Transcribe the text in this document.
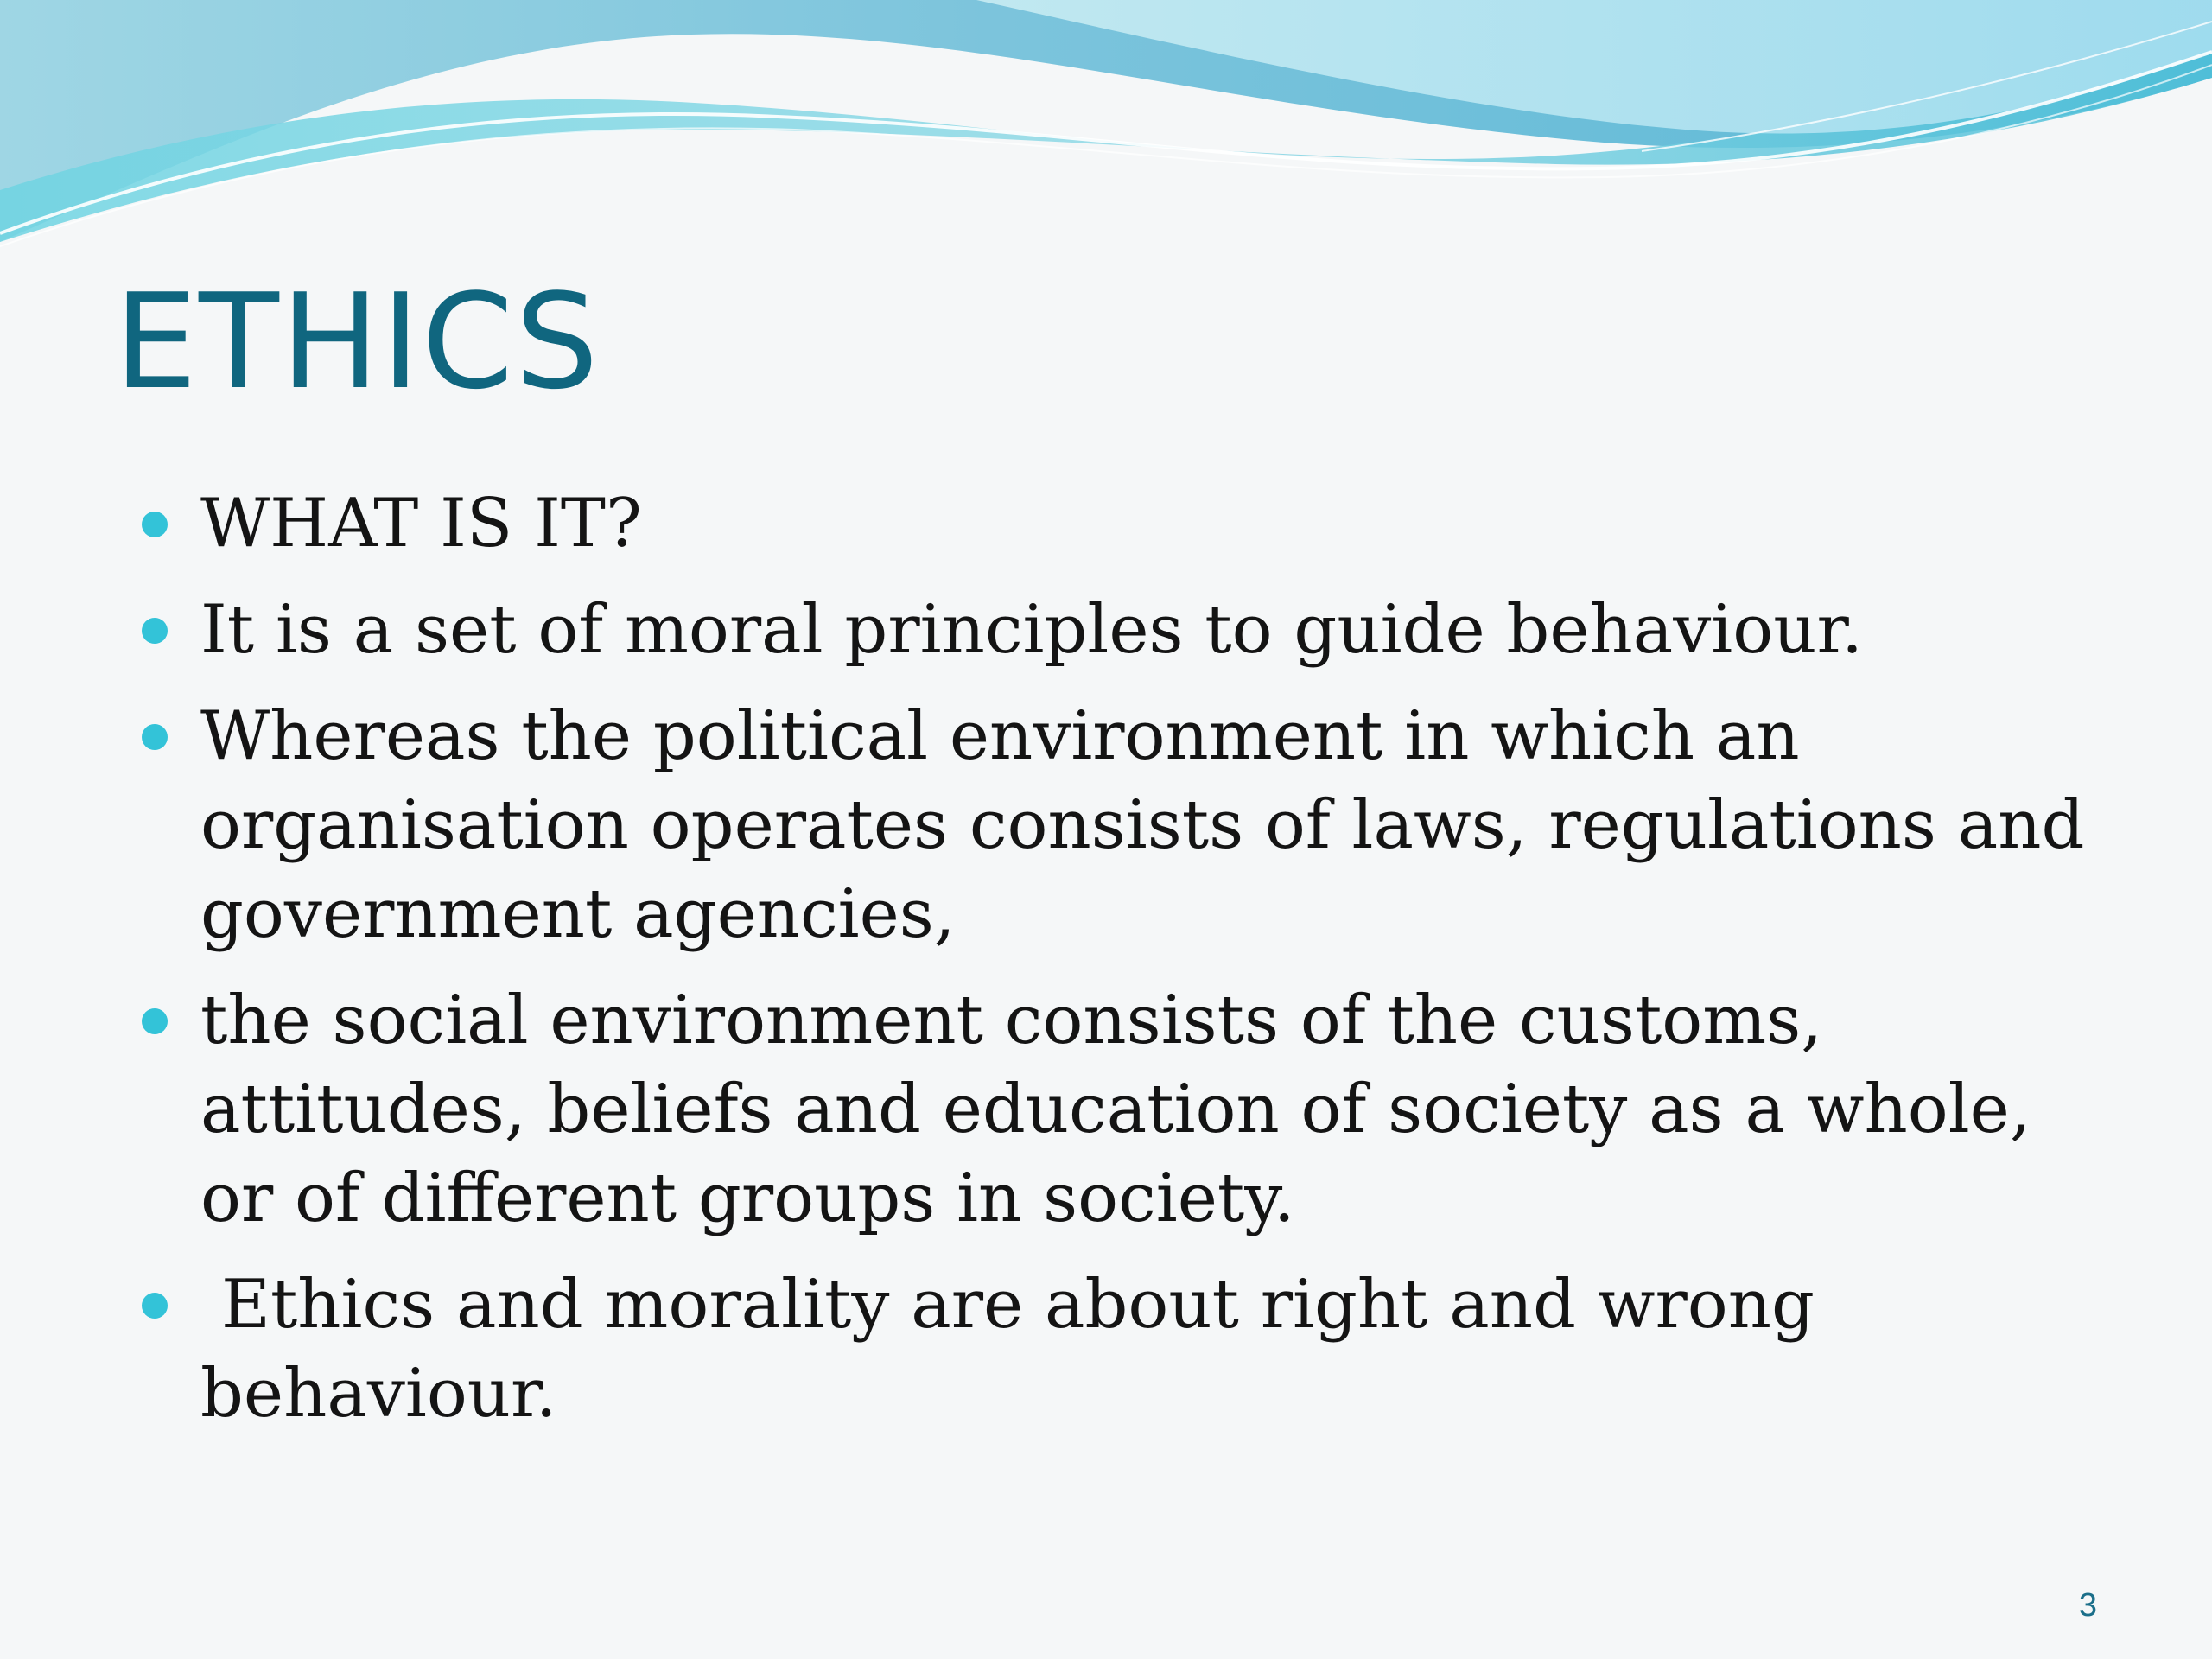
ETHICS
WHAT IS IT?
It is a set of moral principles to guide behaviour.
Whereas the political environment in which an organisation operates consists of laws, regulations and government agencies,
the social environment consists of the customs, attitudes, beliefs and education of society as a whole, or of different groups in society.
Ethics and morality are about right and wrong behaviour.
3
